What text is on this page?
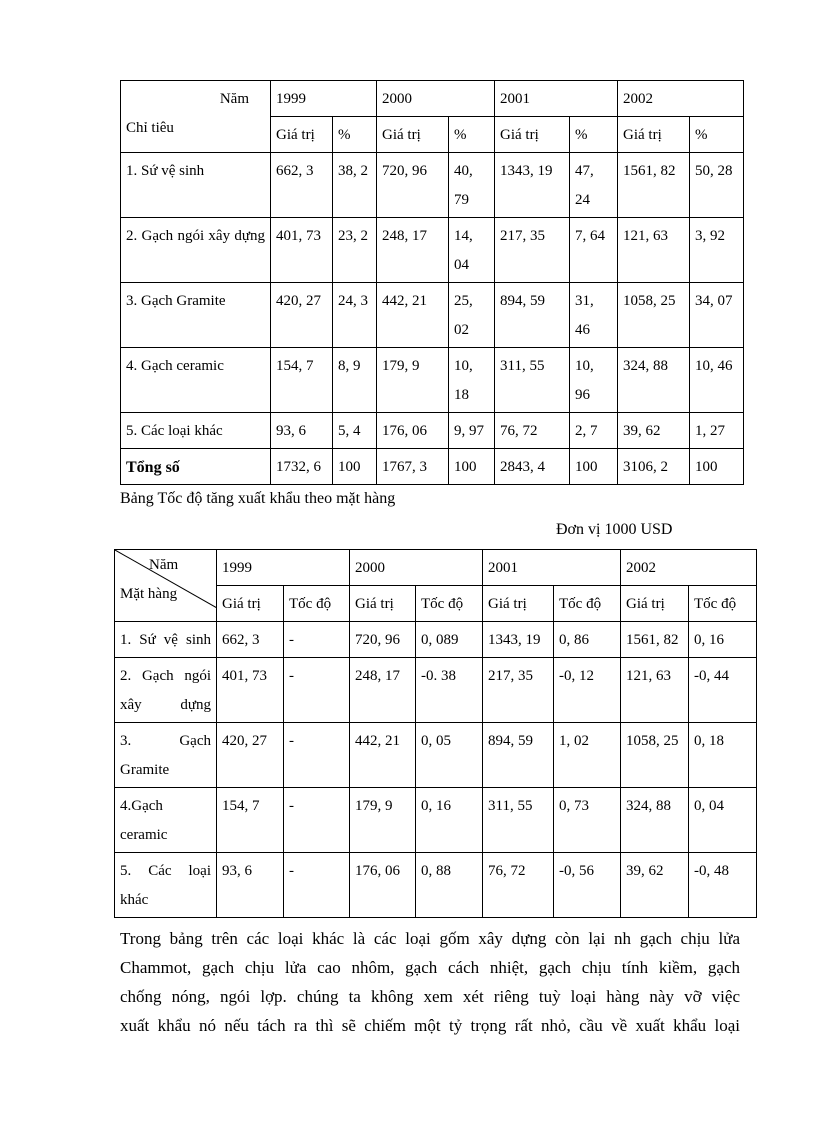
Năm
Chỉ tiêu	1999		2000		2001		2002	
	Giá trị	%	Giá trị	%	Giá trị	%	Giá trị	%
1. Sứ vệ sinh	662, 3	38, 2	720, 96	40, 79	1343, 19	47, 24	1561, 82	50, 28
2. Gạch ngói xây dựng	401, 73	23, 2	248, 17	14, 04	217, 35	7, 64	121, 63	3, 92
3. Gạch Gramite	420, 27	24, 3	442, 21	25, 02	894, 59	31, 46	1058, 25	34, 07
4. Gạch ceramic	154, 7	8, 9	179, 9	10, 18	311, 55	10, 96	324, 88	10, 46
5. Các loại khác	93, 6	5, 4	176, 06	9, 97	76, 72	2, 7	39, 62	1, 27
Tổng số	1732, 6	100	1767, 3	100	2843, 4	100	3106, 2	100
Bảng Tốc độ tăng xuất khẩu theo mặt hàng
Đơn vị 1000 USD
Năm
Mặt hàng	1999		2000		2001		2002	
	Giá trị	Tốc độ	Giá trị	Tốc độ	Giá trị	Tốc độ	Giá trị	Tốc độ
1. Sứ vệ sinh	662, 3	-	720, 96	0, 089	1343, 19	0, 86	1561, 82	0, 16
2. Gạch ngói xây dựng	401, 73	-	248, 17	-0. 38	217, 35	-0, 12	121, 63	-0, 44
3. Gạch Gramite	420, 27	-	442, 21	0, 05	894, 59	1, 02	1058, 25	0, 18
4.Gạch ceramic	154, 7	-	179, 9	0, 16	311, 55	0, 73	324, 88	0, 04
5. Các loại khác	93, 6	-	176, 06	0, 88	76, 72	-0, 56	39, 62	-0, 48
Trong bảng trên các loại khác là các loại gốm xây dựng còn lại nh gạch chịu lửa
Chammot, gạch chịu lửa cao nhôm, gạch cách nhiệt, gạch chịu tính kiềm, gạch
chống nóng, ngói lợp. chúng ta không xem xét riêng tuỳ loại hàng này vỡ việc
xuất khẩu nó nếu tách ra thì sẽ chiếm một tỷ trọng rất nhỏ, cầu về xuất khẩu loại
